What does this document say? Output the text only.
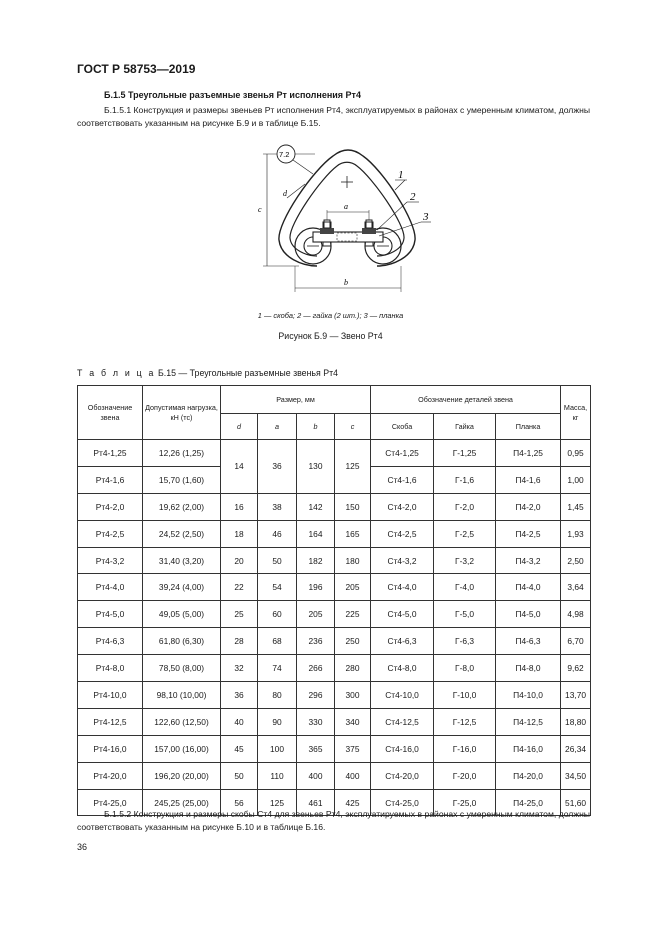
ГОСТ Р 58753—2019
Б.1.5 Треугольные разъемные звенья Рт исполнения Рт4
Б.1.5.1 Конструкция и размеры звеньев Рт исполнения Рт4, эксплуатируемых в районах с умеренным климатом, должны соответствовать указанным на рисунке Б.9 и в таблице Б.15.
a
b
c
d
7.2
1
2
3
1 — скоба; 2 — гайка (2 шт.); 3 — планка
Рисунок Б.9 — Звено Рт4
Т а б л и ц а Б.15 — Треугольные разъемные звенья Рт4
Обозначение звена	Допустимая нагрузка, кН (тс)	Размер, мм				Обозначение деталей звена			Масса, кг
		d	a	b	c	Скоба	Гайка	Планка	
Рт4-1,25	12,26 (1,25)	14	36	130	125	Ст4-1,25	Г-1,25	П4-1,25	0,95
Рт4-1,6	15,70 (1,60)					Ст4-1,6	Г-1,6	П4-1,6	1,00
Рт4-2,0	19,62 (2,00)	16	38	142	150	Ст4-2,0	Г-2,0	П4-2,0	1,45
Рт4-2,5	24,52 (2,50)	18	46	164	165	Ст4-2,5	Г-2,5	П4-2,5	1,93
Рт4-3,2	31,40 (3,20)	20	50	182	180	Ст4-3,2	Г-3,2	П4-3,2	2,50
Рт4-4,0	39,24 (4,00)	22	54	196	205	Ст4-4,0	Г-4,0	П4-4,0	3,64
Рт4-5,0	49,05 (5,00)	25	60	205	225	Ст4-5,0	Г-5,0	П4-5,0	4,98
Рт4-6,3	61,80 (6,30)	28	68	236	250	Ст4-6,3	Г-6,3	П4-6,3	6,70
Рт4-8,0	78,50 (8,00)	32	74	266	280	Ст4-8,0	Г-8,0	П4-8,0	9,62
Рт4-10,0	98,10 (10,00)	36	80	296	300	Ст4-10,0	Г-10,0	П4-10,0	13,70
Рт4-12,5	122,60 (12,50)	40	90	330	340	Ст4-12,5	Г-12,5	П4-12,5	18,80
Рт4-16,0	157,00 (16,00)	45	100	365	375	Ст4-16,0	Г-16,0	П4-16,0	26,34
Рт4-20,0	196,20 (20,00)	50	110	400	400	Ст4-20,0	Г-20,0	П4-20,0	34,50
Рт4-25,0	245,25 (25,00)	56	125	461	425	Ст4-25,0	Г-25,0	П4-25,0	51,60
Б.1.5.2 Конструкция и размеры скобы Ст4 для звеньев Рт4, эксплуатируемых в районах с умеренным климатом, должны соответствовать указанным на рисунке Б.10 и в таблице Б.16.
36
